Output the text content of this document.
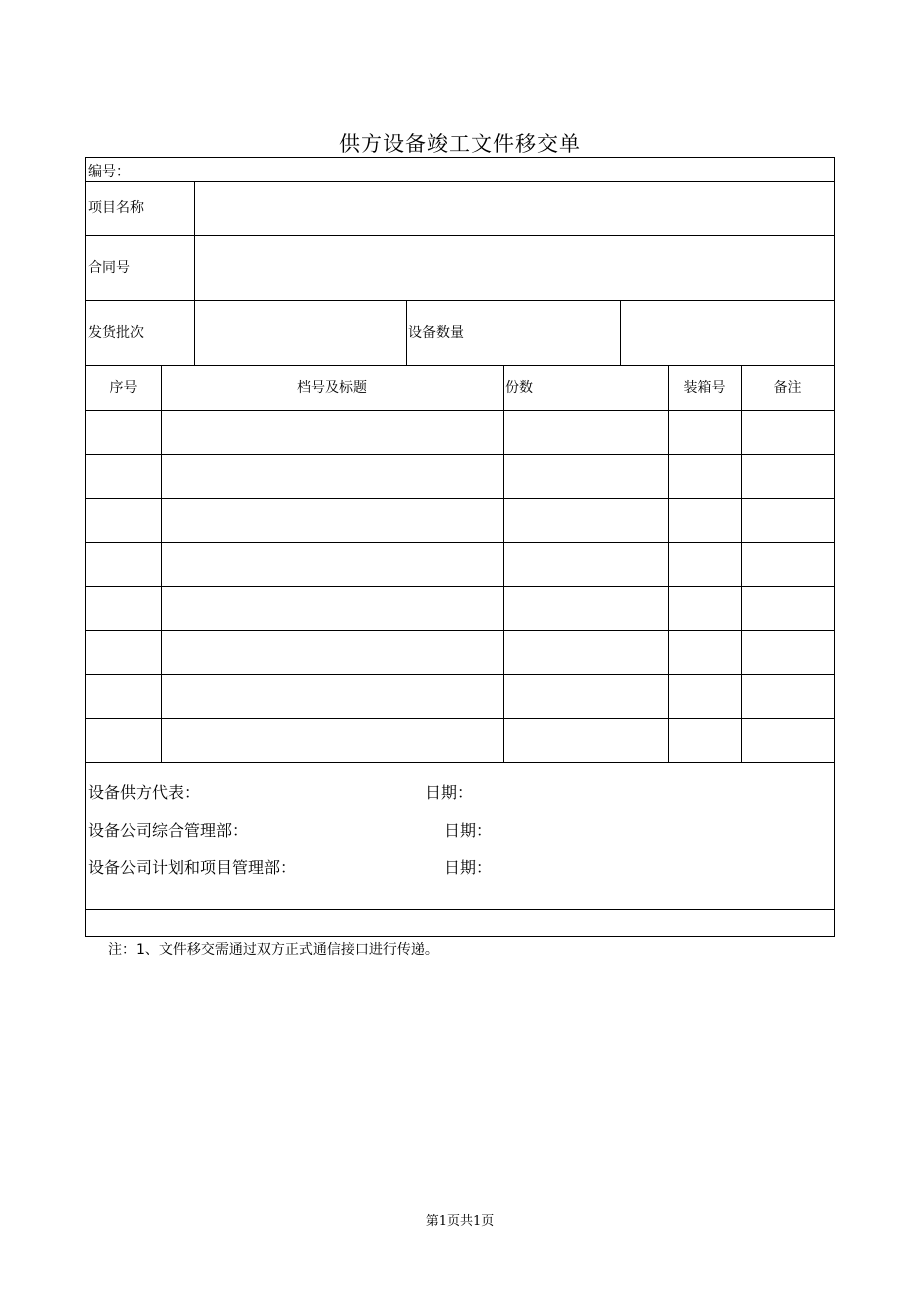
供方设备竣工文件移交单
编号：
项目名称
合同号
发货批次	设备数量
序号	档号及标题	份数	装箱号	备注
设备供方代表：	日期：
设备公司综合管理部：	日期：
设备公司计划和项目管理部：	日期：
注：1、文件移交需通过双方正式通信接口进行传递。
第1页共1页
